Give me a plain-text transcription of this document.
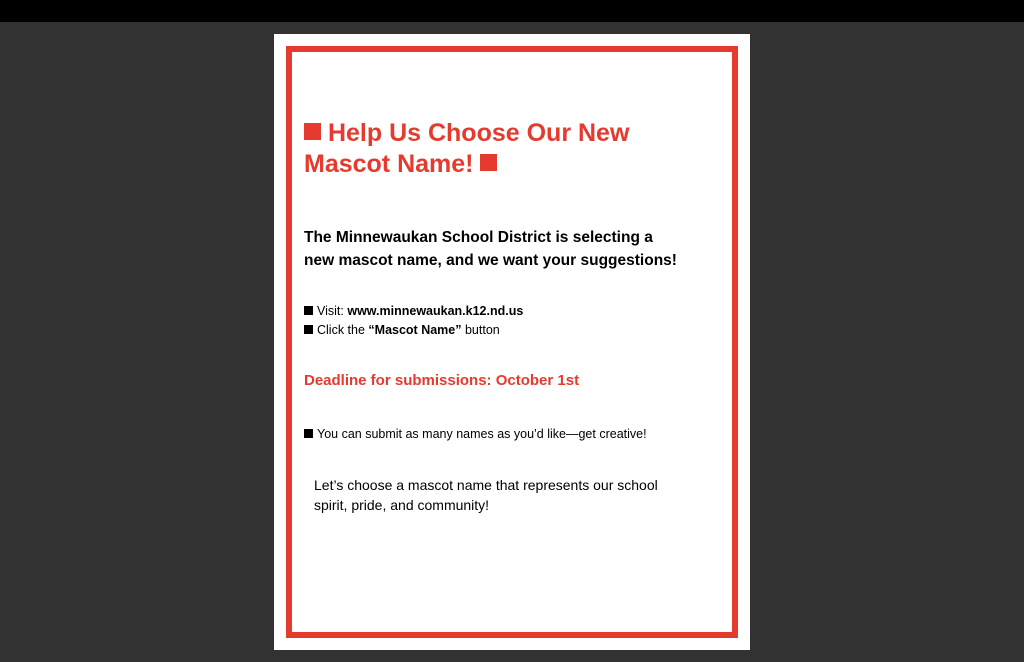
Help Us Choose Our New
Mascot Name!
The Minnewaukan School District is selecting a
new mascot name, and we want your suggestions!
Visit: www.minnewaukan.k12.nd.us
Click the “Mascot Name” button
Deadline for submissions: October 1st
You can submit as many names as you’d like—get creative!
Let’s choose a mascot name that represents our school
spirit, pride, and community!
